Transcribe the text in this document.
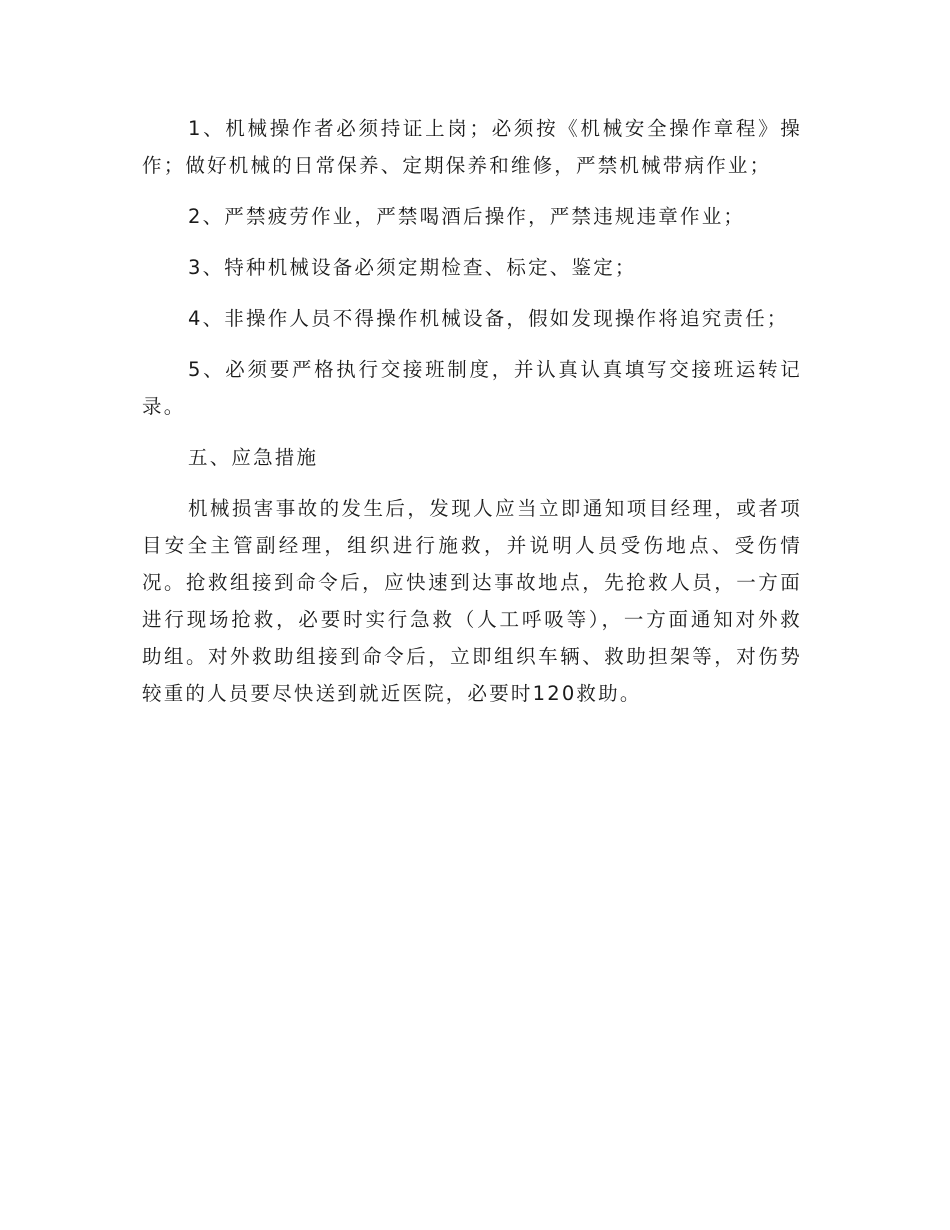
1、机械操作者必须持证上岗；必须按《机械安全操作章程》操作；做好机械的日常保养、定期保养和维修，严禁机械带病作业；

2、严禁疲劳作业，严禁喝酒后操作，严禁违规违章作业；

3、特种机械设备必须定期检查、标定、鉴定；

4、非操作人员不得操作机械设备，假如发现操作将追究责任；

5、必须要严格执行交接班制度，并认真认真填写交接班运转记录。

五、应急措施

机械损害事故的发生后，发现人应当立即通知项目经理，或者项目安全主管副经理，组织进行施救，并说明人员受伤地点、受伤情况。抢救组接到命令后，应快速到达事故地点，先抢救人员，一方面进行现场抢救，必要时实行急救（人工呼吸等），一方面通知对外救助组。对外救助组接到命令后，立即组织车辆、救助担架等，对伤势较重的人员要尽快送到就近医院，必要时120救助。
